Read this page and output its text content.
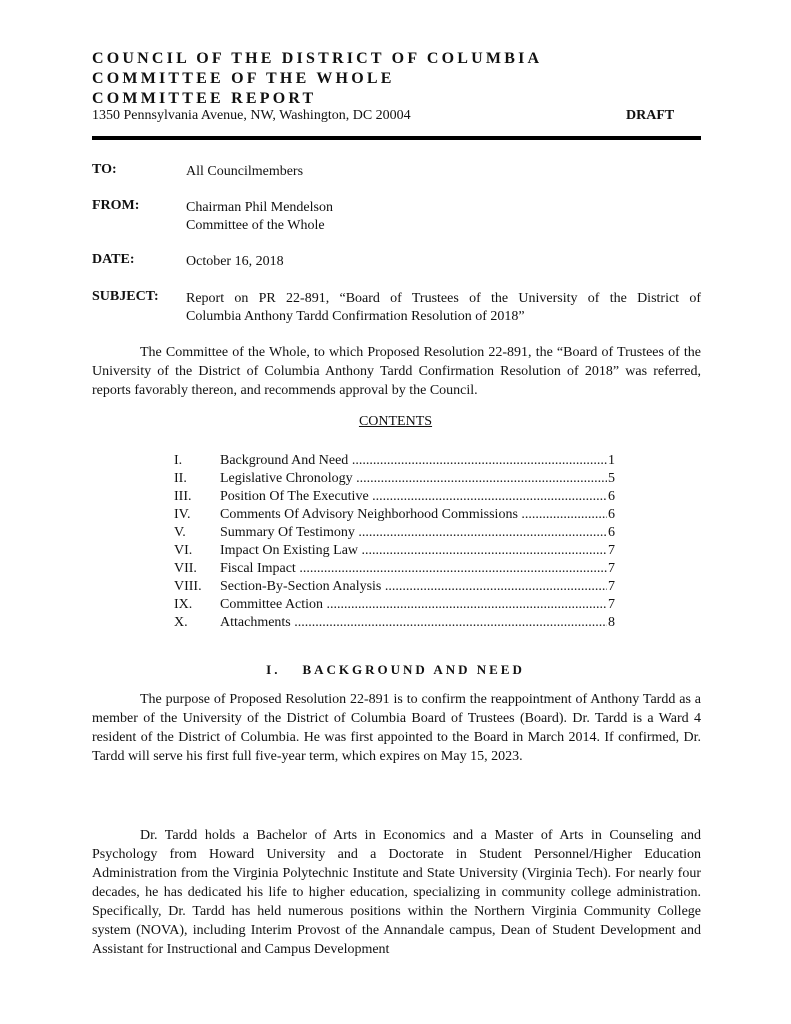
COUNCIL OF THE DISTRICT OF COLUMBIA
COMMITTEE OF THE WHOLE
COMMITTEE REPORT
1350 Pennsylvania Avenue, NW, Washington, DC 20004	DRAFT
TO:	All Councilmembers
FROM:	Chairman Phil Mendelson
Committee of the Whole
DATE:	October 16, 2018
SUBJECT: Report on PR 22-891, “Board of Trustees of the University of the District of
Columbia Anthony Tardd Confirmation Resolution of 2018”
The Committee of the Whole, to which Proposed Resolution 22-891, the “Board of Trustees of the University of the District of Columbia Anthony Tardd Confirmation Resolution of 2018” was referred, reports favorably thereon, and recommends approval by the Council.
CONTENTS
I.	Background And Need .....	1
II. Legislative Chronology .....	5
III. Position Of The Executive .....	6
IV. Comments Of Advisory Neighborhood Commissions .....	6
V. Summary Of Testimony .....	6
VI. Impact On Existing Law .....	7
VII. Fiscal Impact .....	7
VIII. Section-By-Section Analysis .....	7
IX. Committee Action .....	7
X. Attachments .....	8
I. BACKGROUND AND NEED
The purpose of Proposed Resolution 22-891 is to confirm the reappointment of Anthony Tardd as a member of the University of the District of Columbia Board of Trustees (Board). Dr. Tardd is a Ward 4 resident of the District of Columbia. He was first appointed to the Board in March 2014. If confirmed, Dr. Tardd will serve his first full five-year term, which expires on May 15, 2023.
Dr. Tardd holds a Bachelor of Arts in Economics and a Master of Arts in Counseling and Psychology from Howard University and a Doctorate in Student Personnel/Higher Education Administration from the Virginia Polytechnic Institute and State University (Virginia Tech). For nearly four decades, he has dedicated his life to higher education, specializing in community college administration. Specifically, Dr. Tardd has held numerous positions within the Northern Virginia Community College system (NOVA), including Interim Provost of the Annandale campus, Dean of Student Development and Assistant for Instructional and Campus Development
